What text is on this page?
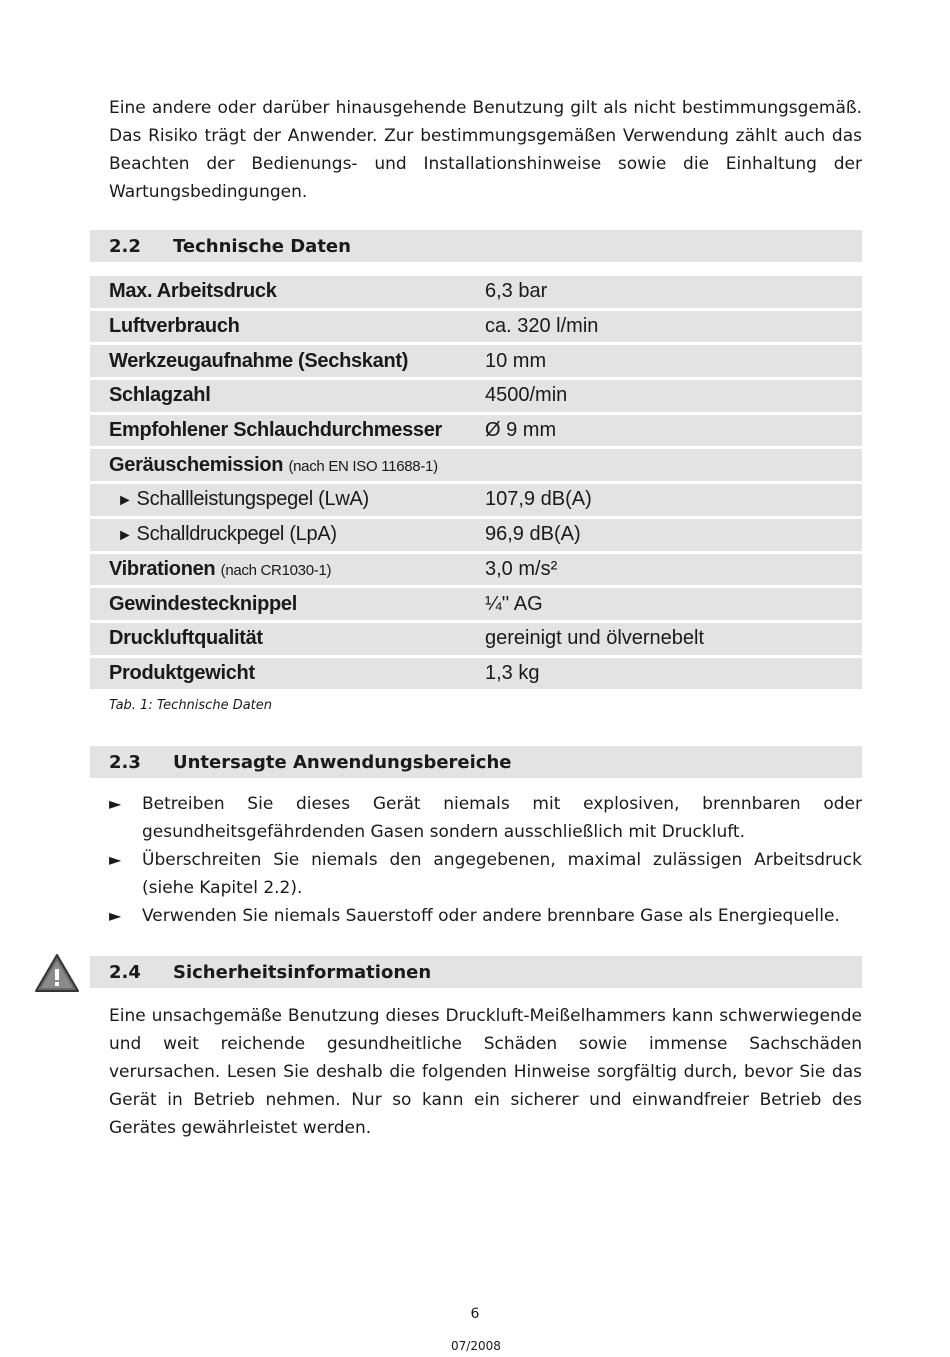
Eine andere oder darüber hinausgehende Benutzung gilt als nicht bestimmungsgemäß. Das Risiko trägt der Anwender. Zur bestimmungsgemäßen Verwendung zählt auch das Beachten der Bedienungs- und Installationshinweise sowie die Einhaltung der Wartungsbedingungen.

2.2 Technische Daten
Max. Arbeitsdruck	6,3 bar
Luftverbrauch	ca. 320 l/min
Werkzeugaufnahme (Sechskant)	10 mm
Schlagzahl	4500/min
Empfohlener Schlauchdurchmesser	Ø 9 mm
Geräuschemission (nach EN ISO 11688-1)	
► Schallleistungspegel (LwA)	107,9 dB(A)
► Schalldruckpegel (LpA)	96,9 dB(A)
Vibrationen (nach CR1030-1)	3,0 m/s²
Gewindestecknippel	¼'' AG
Druckluftqualität	gereinigt und ölvernebelt
Produktgewicht	1,3 kg
Tab. 1: Technische Daten
2.3 Untersagte Anwendungsbereiche
► Betreiben Sie dieses Gerät niemals mit explosiven, brennbaren oder gesundheitsgefährdenden Gasen sondern ausschließlich mit Druckluft.
► Überschreiten Sie niemals den angegebenen, maximal zulässigen Arbeitsdruck (siehe Kapitel 2.2).
► Verwenden Sie niemals Sauerstoff oder andere brennbare Gase als Energiequelle.
2.4 Sicherheitsinformationen

Eine unsachgemäße Benutzung dieses Druckluft-Meißelhammers kann schwerwiegende und weit reichende gesundheitliche Schäden sowie immense Sachschäden verursachen. Lesen Sie deshalb die folgenden Hinweise sorgfältig durch, bevor Sie das Gerät in Betrieb nehmen. Nur so kann ein sicherer und einwandfreier Betrieb des Gerätes gewährleistet werden.

6
07/2008
